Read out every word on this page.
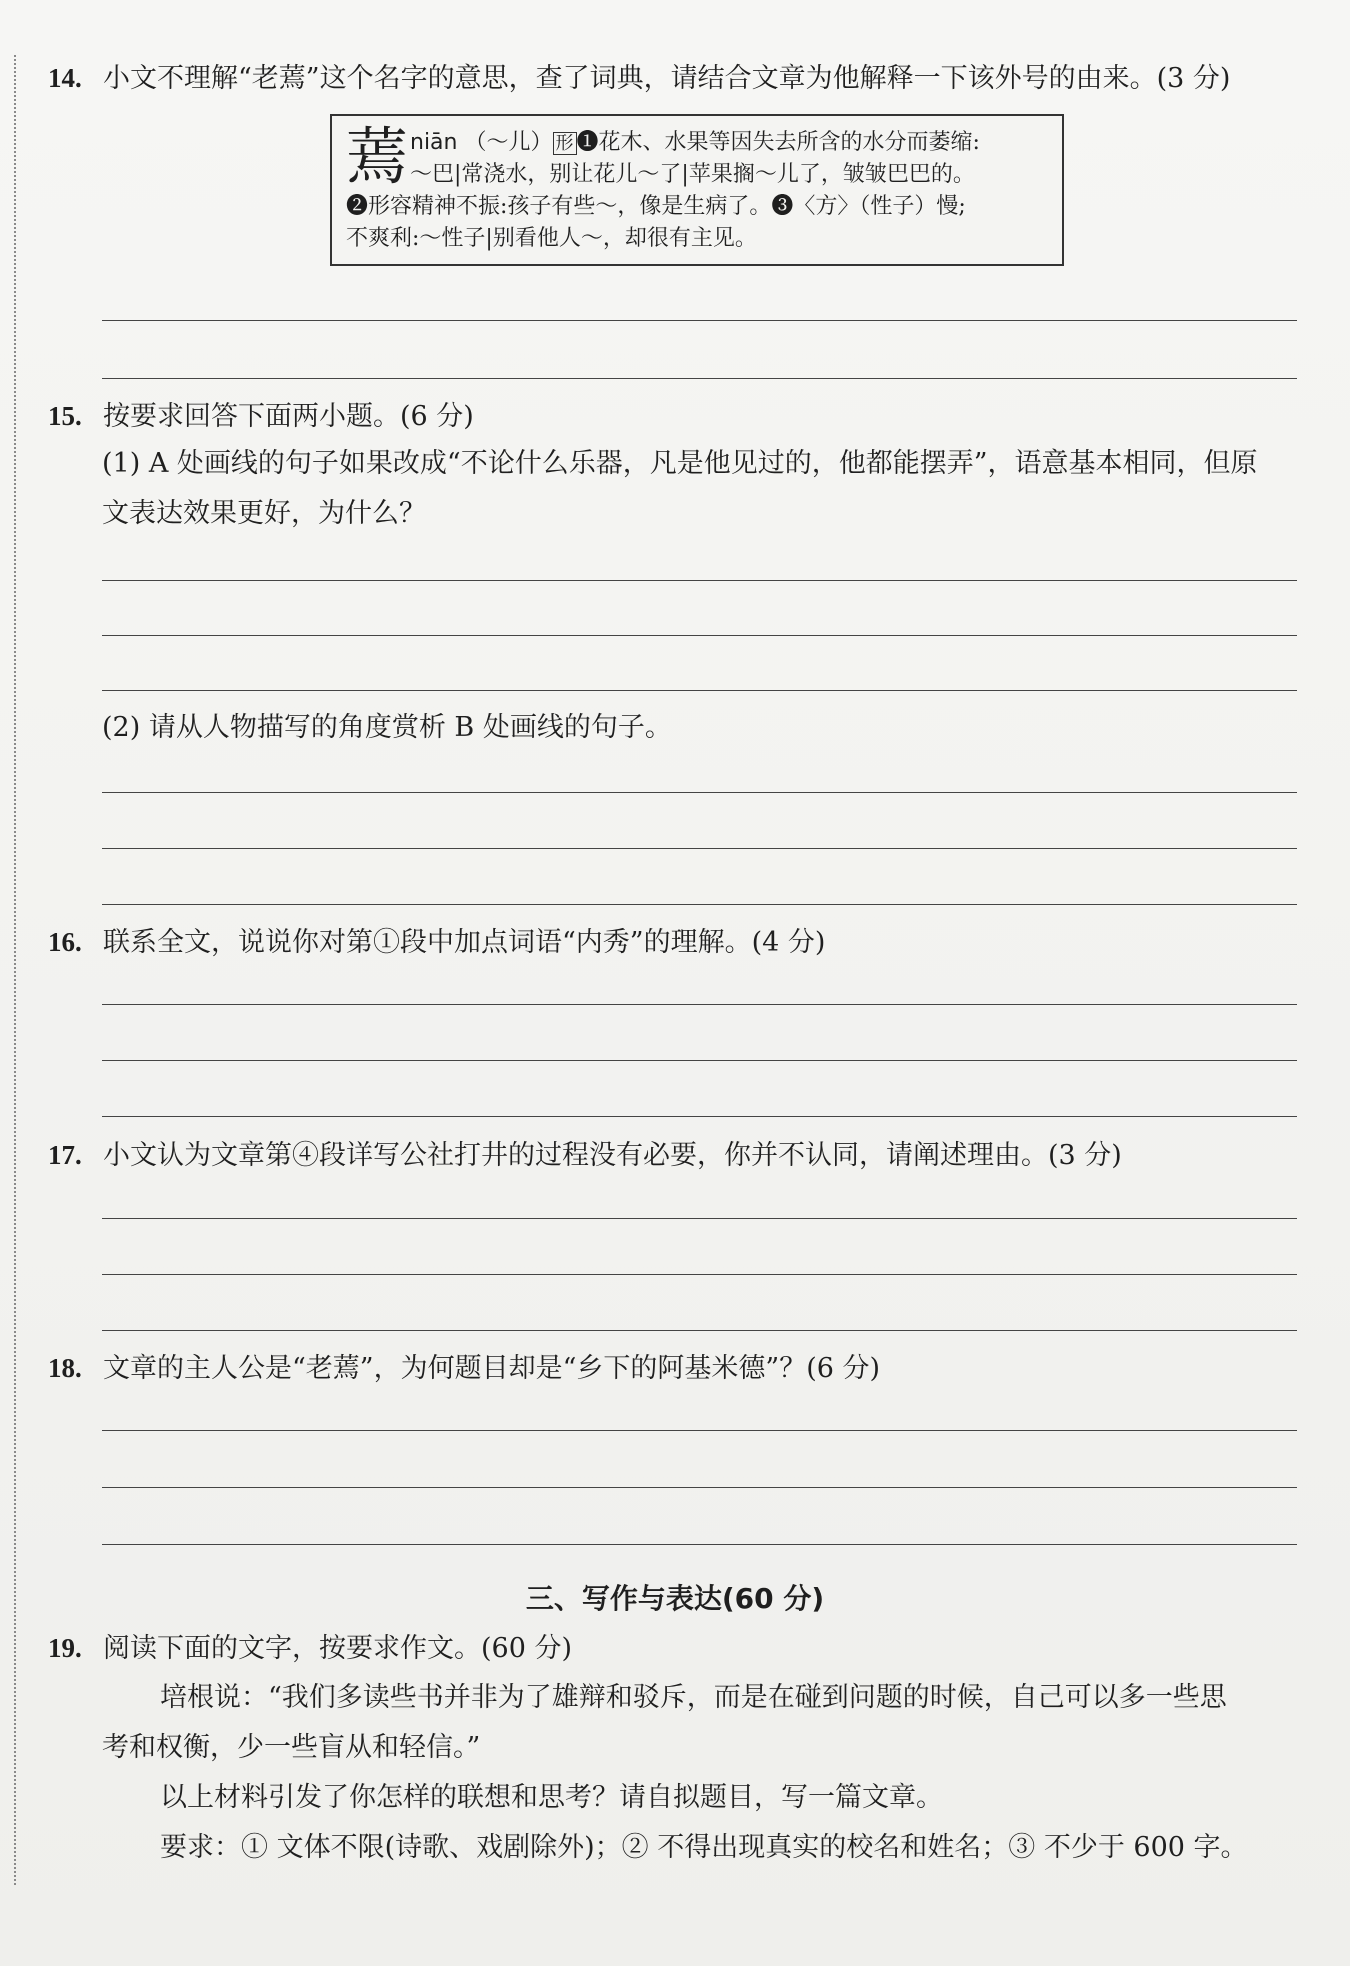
14. 小文不理解“老蔫”这个名字的意思，查了词典，请结合文章为他解释一下该外号的由来。(3 分)
蔫 niān （～儿） 形 ❶花木、水果等因失去所含的水分而萎缩:
～巴|常浇水，别让花儿～了|苹果搁～儿了，皱皱巴巴的。
❷形容精神不振:孩子有些～，像是生病了。❸〈方〉（性子）慢;
不爽利:～性子|别看他人～，却很有主见。
15. 按要求回答下面两小题。(6 分)
(1) A 处画线的句子如果改成“不论什么乐器，凡是他见过的，他都能摆弄”，语意基本相同，但原
文表达效果更好，为什么？
(2) 请从人物描写的角度赏析 B 处画线的句子。
16. 联系全文，说说你对第①段中加点词语“内秀”的理解。(4 分)
17. 小文认为文章第④段详写公社打井的过程没有必要，你并不认同，请阐述理由。(3 分)
18. 文章的主人公是“老蔫”，为何题目却是“乡下的阿基米德”？(6 分)
三、写作与表达(60 分)
19. 阅读下面的文字，按要求作文。(60 分)
培根说：“我们多读些书并非为了雄辩和驳斥，而是在碰到问题的时候，自己可以多一些思
考和权衡，少一些盲从和轻信。”
以上材料引发了你怎样的联想和思考？请自拟题目，写一篇文章。
要求：① 文体不限(诗歌、戏剧除外)；② 不得出现真实的校名和姓名；③ 不少于 600 字。
